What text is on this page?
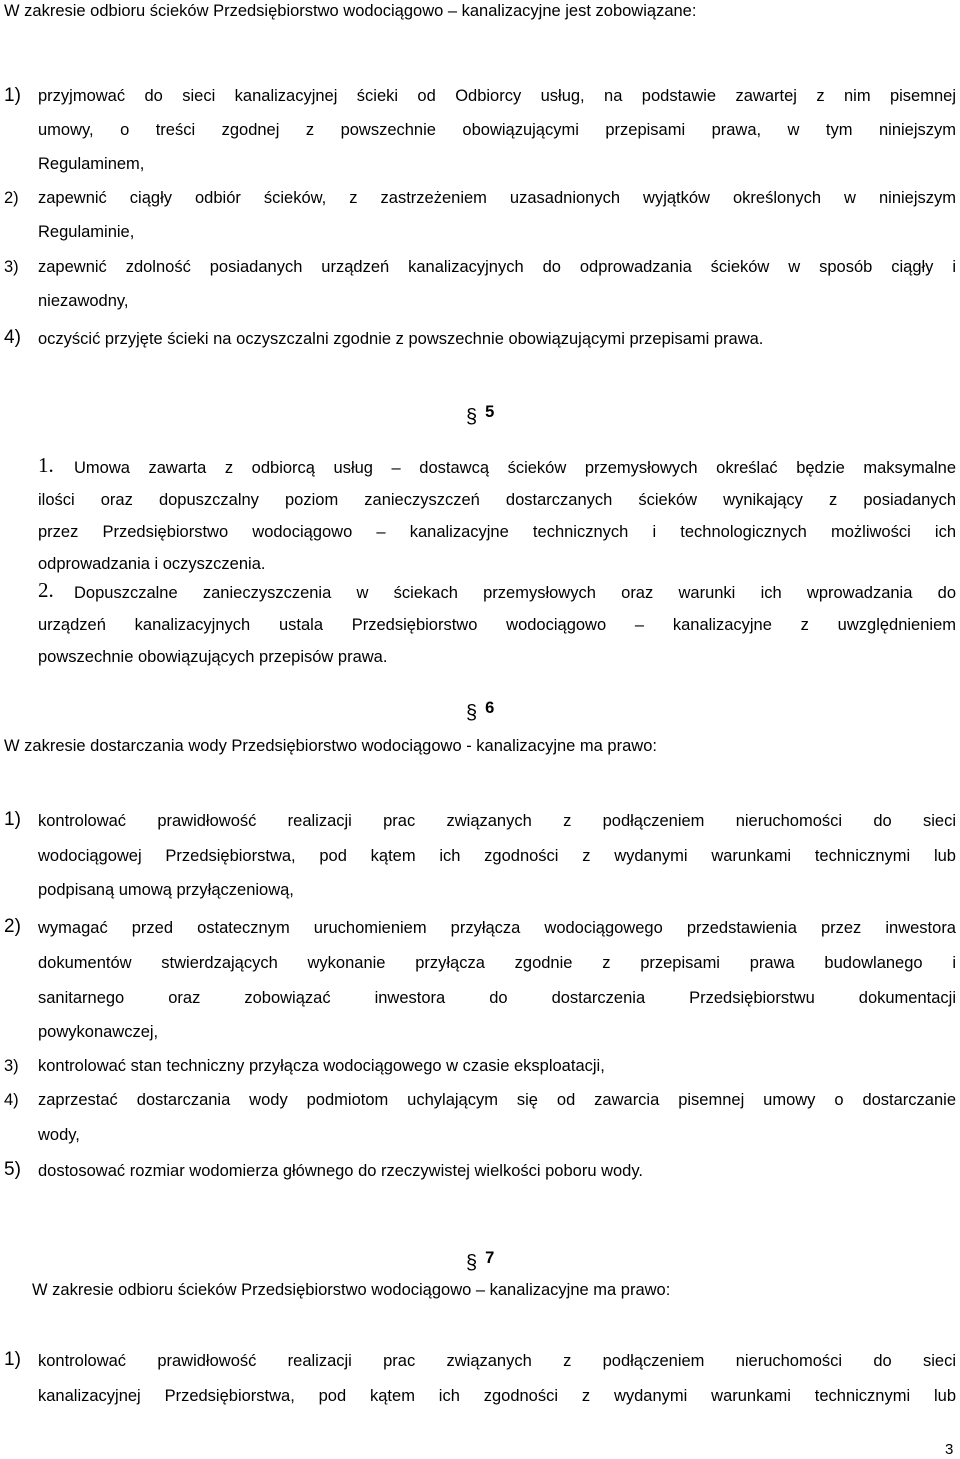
W zakresie odbioru ścieków Przedsiębiorstwo wodociągowo – kanalizacyjne jest zobowiązane:
1) przyjmować do sieci kanalizacyjnej ścieki od Odbiorcy usług, na podstawie zawartej z nim pisemnej
umowy, o treści zgodnej z powszechnie obowiązującymi przepisami prawa, w tym niniejszym
Regulaminem,
2) zapewnić ciągły odbiór ścieków, z zastrzeżeniem uzasadnionych wyjątków określonych w niniejszym
Regulaminie,
3) zapewnić zdolność posiadanych urządzeń kanalizacyjnych do odprowadzania ścieków w sposób ciągły i
niezawodny,
4) oczyścić przyjęte ścieki na oczyszczalni zgodnie z powszechnie obowiązującymi przepisami prawa.
§ 5
1. Umowa zawarta z odbiorcą usług – dostawcą ścieków przemysłowych określać będzie maksymalne
ilości oraz dopuszczalny poziom zanieczyszczeń dostarczanych ścieków wynikający z posiadanych
przez Przedsiębiorstwo wodociągowo – kanalizacyjne technicznych i technologicznych możliwości ich
odprowadzania i oczyszczenia.
2. Dopuszczalne zanieczyszczenia w ściekach przemysłowych oraz warunki ich wprowadzania do
urządzeń kanalizacyjnych ustala Przedsiębiorstwo wodociągowo – kanalizacyjne z uwzględnieniem
powszechnie obowiązujących przepisów prawa.
§ 6
W zakresie dostarczania wody Przedsiębiorstwo wodociągowo - kanalizacyjne ma prawo:
1) kontrolować prawidłowość realizacji prac związanych z podłączeniem nieruchomości do sieci
wodociągowej Przedsiębiorstwa, pod kątem ich zgodności z wydanymi warunkami technicznymi lub
podpisaną umową przyłączeniową,
2) wymagać przed ostatecznym uruchomieniem przyłącza wodociągowego przedstawienia przez inwestora
dokumentów stwierdzających wykonanie przyłącza zgodnie z przepisami prawa budowlanego i
sanitarnego oraz zobowiązać inwestora do dostarczenia Przedsiębiorstwu dokumentacji
powykonawczej,
3) kontrolować stan techniczny przyłącza wodociągowego w czasie eksploatacji,
4) zaprzestać dostarczania wody podmiotom uchylającym się od zawarcia pisemnej umowy o dostarczanie
wody,
5) dostosować rozmiar wodomierza głównego do rzeczywistej wielkości poboru wody.
§ 7
W zakresie odbioru ścieków Przedsiębiorstwo wodociągowo – kanalizacyjne ma prawo:
1) kontrolować prawidłowość realizacji prac związanych z podłączeniem nieruchomości do sieci
kanalizacyjnej Przedsiębiorstwa, pod kątem ich zgodności z wydanymi warunkami technicznymi lub
3
